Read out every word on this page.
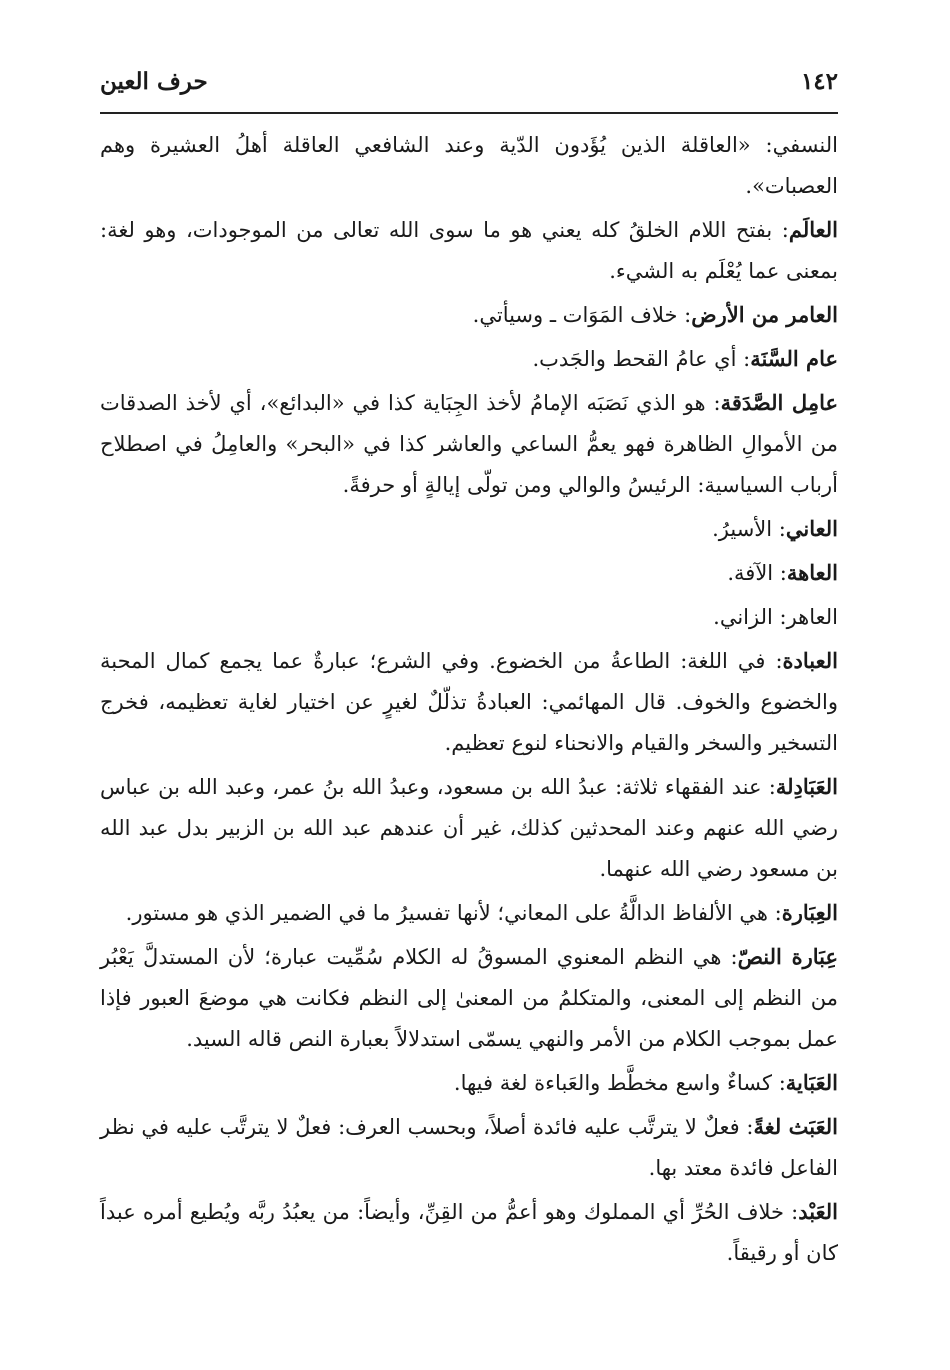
١٤٢
حرف العين

النسفي: «العاقلة الذين يُؤَدون الدّية وعند الشافعي العاقلة أهلُ العشيرة وهم العصبات».

العالَم: بفتح اللام الخلقُ كله يعني هو ما سوى الله تعالى من الموجودات، وهو لغة: بمعنى عما يُعْلَم به الشيء.

العامر من الأرض: خلاف المَوَات ـ وسيأتي.

عام السَّنَة: أي عامُ القحط والجَدب.

عامِل الصَّدَقة: هو الذي نَصَبَه الإمامُ لأخذ الجِبَاية كذا في «البدائع»، أي لأخذ الصدقات من الأموالِ الظاهرة فهو يعمُّ الساعي والعاشر كذا في «البحر» والعامِلُ في اصطلاح أرباب السياسية: الرئيسُ والوالي ومن تولّى إيالةٍ أو حرفةً.

العاني: الأسيرُ.

العاهة: الآفة.

العاهر: الزاني.

العبادة: في اللغة: الطاعةُ من الخضوع. وفي الشرع؛ عبارةٌ عما يجمع كمال المحبة والخضوع والخوف. قال المهائمي: العبادةُ تذلّلٌ لغيرٍ عن اختيار لغاية تعظيمه، فخرج التسخير والسخر والقيام والانحناء لنوع تعظيم.

العَبَادِلة: عند الفقهاء ثلاثة: عبدُ الله بن مسعود، وعبدُ الله بنُ عمر، وعبد الله بن عباس رضي الله عنهم وعند المحدثين كذلك، غير أن عندهم عبد الله بن الزبير بدل عبد الله بن مسعود رضي الله عنهما.

العِبَارة: هي الألفاظ الدالَّةُ على المعاني؛ لأنها تفسيرُ ما في الضمير الذي هو مستور.

عِبَارة النصّ: هي النظم المعنوي المسوقُ له الكلام سُمِّيت عبارة؛ لأن المستدلَّ يَعْبُر من النظم إلى المعنى، والمتكلمُ من المعنىٰ إلى النظم فكانت هي موضعَ العبور فإذا عمل بموجب الكلام من الأمر والنهي يسمّى استدلالاً بعبارة النص قاله السيد.

العَبَاية: كساءٌ واسع مخطَّط والعَباءة لغة فيها.

العَبَث لغةً: فعلٌ لا يترتَّب عليه فائدة أصلاً، وبحسب العرف: فعلٌ لا يترتَّب عليه في نظر الفاعل فائدة معتد بها.

العَبْد: خلاف الحُرِّ أي المملوك وهو أعمُّ من القِنِّ، وأيضاً: من يعبُدُ ربَّه ويُطيع أمره عبداً كان أو رقيقاً.
